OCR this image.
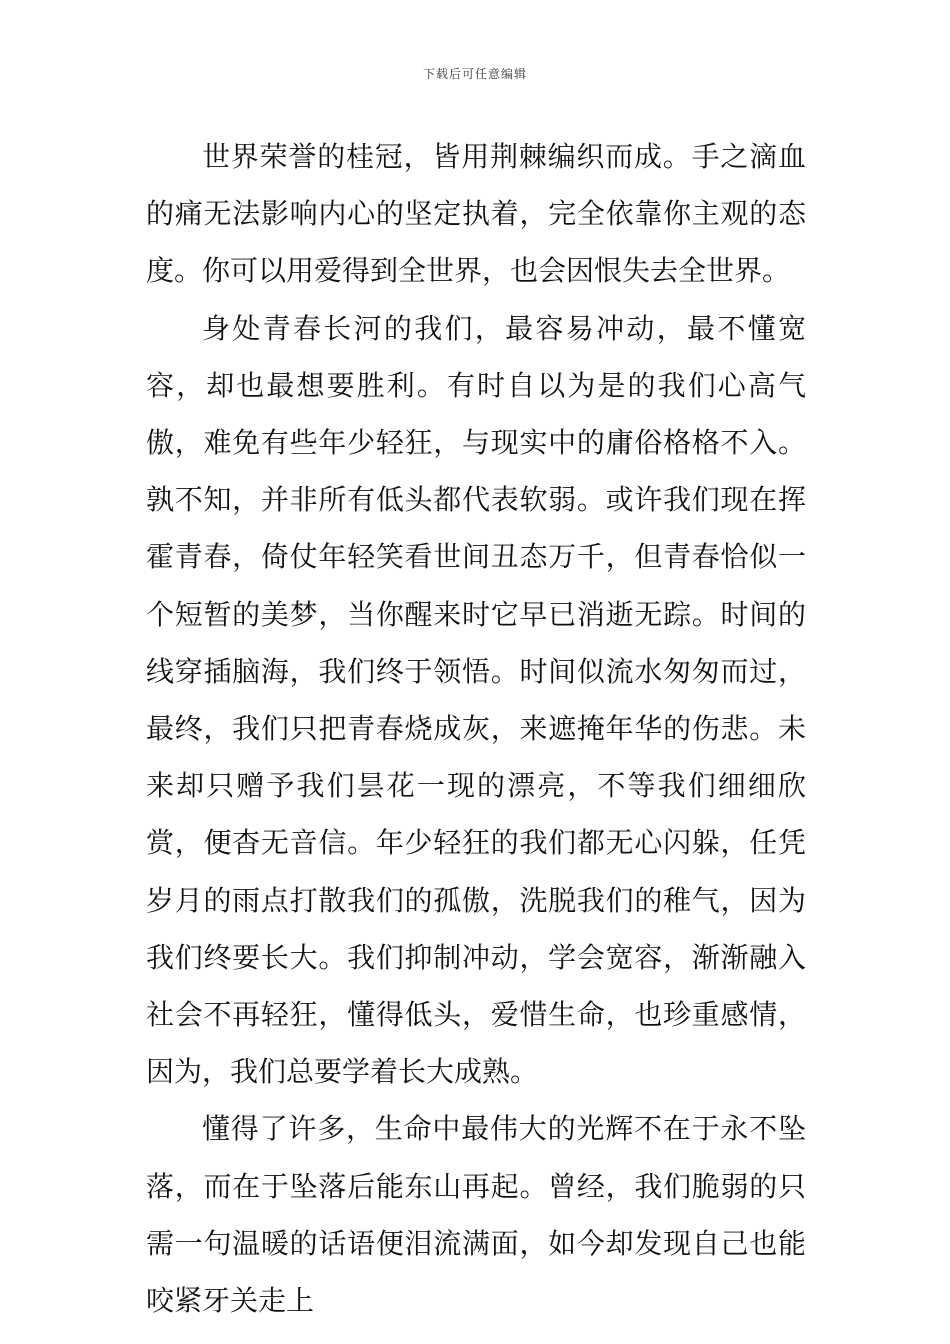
下载后可任意编辑

世界荣誉的桂冠，皆用荆棘编织而成。手之滴血的痛无法影响内心的坚定执着，完全依靠你主观的态度。你可以用爱得到全世界，也会因恨失去全世界。

身处青春长河的我们，最容易冲动，最不懂宽容，却也最想要胜利。有时自以为是的我们心高气傲，难免有些年少轻狂，与现实中的庸俗格格不入。孰不知，并非所有低头都代表软弱。或许我们现在挥霍青春，倚仗年轻笑看世间丑态万千，但青春恰似一个短暂的美梦，当你醒来时它早已消逝无踪。时间的线穿插脑海，我们终于领悟。时间似流水匆匆而过，最终，我们只把青春烧成灰，来遮掩年华的伤悲。未来却只赠予我们昙花一现的漂亮，不等我们细细欣赏，便杳无音信。年少轻狂的我们都无心闪躲，任凭岁月的雨点打散我们的孤傲，洗脱我们的稚气，因为我们终要长大。我们抑制冲动，学会宽容，渐渐融入社会不再轻狂，懂得低头，爱惜生命，也珍重感情，因为，我们总要学着长大成熟。

懂得了许多，生命中最伟大的光辉不在于永不坠落，而在于坠落后能东山再起。曾经，我们脆弱的只需一句温暖的话语便泪流满面，如今却发现自己也能咬紧牙关走上
